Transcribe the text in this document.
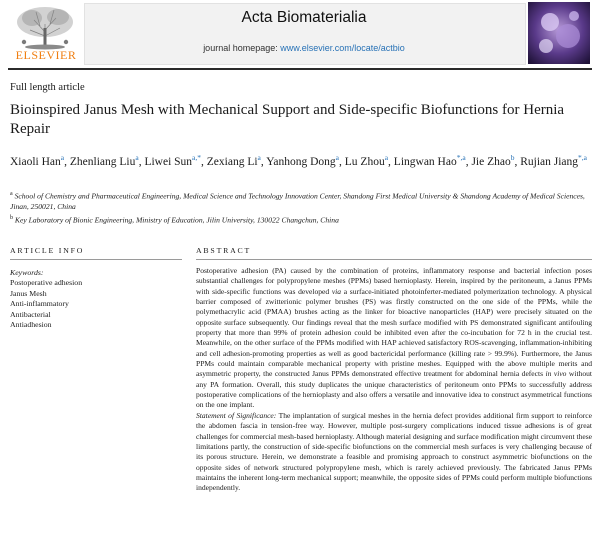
ELSEVIER
Acta Biomaterialia
journal homepage: www.elsevier.com/locate/actbio
Full length article
Bioinspired Janus Mesh with Mechanical Support and Side-specific Biofunctions for Hernia Repair
Xiaoli Han$^a$, Zhenliang Liu$^a$, Liwei Sun$^{a,*}$, Zexiang Li$^a$, Yanhong Dong$^a$, Lu Zhou$^a$, Lingwan Hao$^{*,a}$, Jie Zhao$^b$, Rujian Jiang$^{*,a}$
$^a$ School of Chemistry and Pharmaceutical Engineering, Medical Science and Technology Innovation Center, Shandong First Medical University & Shandong Academy of Medical Sciences, Jinan, 250021, China
$^b$ Key Laboratory of Bionic Engineering, Ministry of Education, Jilin University, 130022 Changchun, China
ARTICLE INFO
Keywords:
Postoperative adhesion
Janus Mesh
Anti-inflammatory
Antibacterial
Antiadhesion
ABSTRACT

Postoperative adhesion (PA) caused by the combination of proteins, inflammatory response and bacterial infection poses substantial challenges for polypropylene meshes (PPMs) based hernioplasty. Herein, inspired by the peritoneum, a Janus PPMs with side-specific functions was developed via a surface-initiated photoinferter-mediated polymerization technology. A physical barrier composed of zwitterionic polymer brushes (PS) was firstly constructed on the one side of the PPMs, while the polymethacrylic acid (PMAA) brushes acting as the linker for bioactive nanoparticles (HAP) were precisely situated on the opposite surface subsequently. Our findings reveal that the mesh surface modified with PS demonstrated significant antifouling property that more than 99% of protein adhesion could be inhibited even after the co-incubation for 72 h in the crucial test. Meanwhile, on the other surface of the PPMs modified with HAP achieved satisfactory ROS-scavenging, inflammation-inhibiting and cell adhesion-promoting properties as well as good bactericidal performance (killing rate > 99.9%). Furthermore, the Janus PPMs could maintain comparable mechanical property with pristine meshes. Equipped with the above multiple merits and asymmetric property, the constructed Janus PPMs demonstrated effective treatment for abdominal hernia defects in vivo without any PA formation. Overall, this study duplicates the unique characteristics of peritoneum onto PPMs to successfully address postoperative complications of the hernioplasty and also offers a versatile and innovative idea to construct asymmetrical functions on the one implant.

Statement of Significance: The implantation of surgical meshes in the hernia defect provides additional firm support to reinforce the abdomen fascia in tension-free way. However, multiple post-surgery complications induced tissue adhesions is of great challenges for commercial mesh-based hernioplasty. Although material designing and surface modification might circumvent these limitations partly, the construction of side-specific biofunctions on the commercial mesh surfaces is very challenging because of its porous structure. Herein, we demonstrate a feasible and promising approach to construct asymmetric biofunctions on the opposite sides of network structured polypropylene mesh, which is rarely achieved previously. The fabricated Janus PPMs maintains the inherent long-term mechanical support; meanwhile, the opposite sides of PPMs could perform multiple biofunctions independently.
